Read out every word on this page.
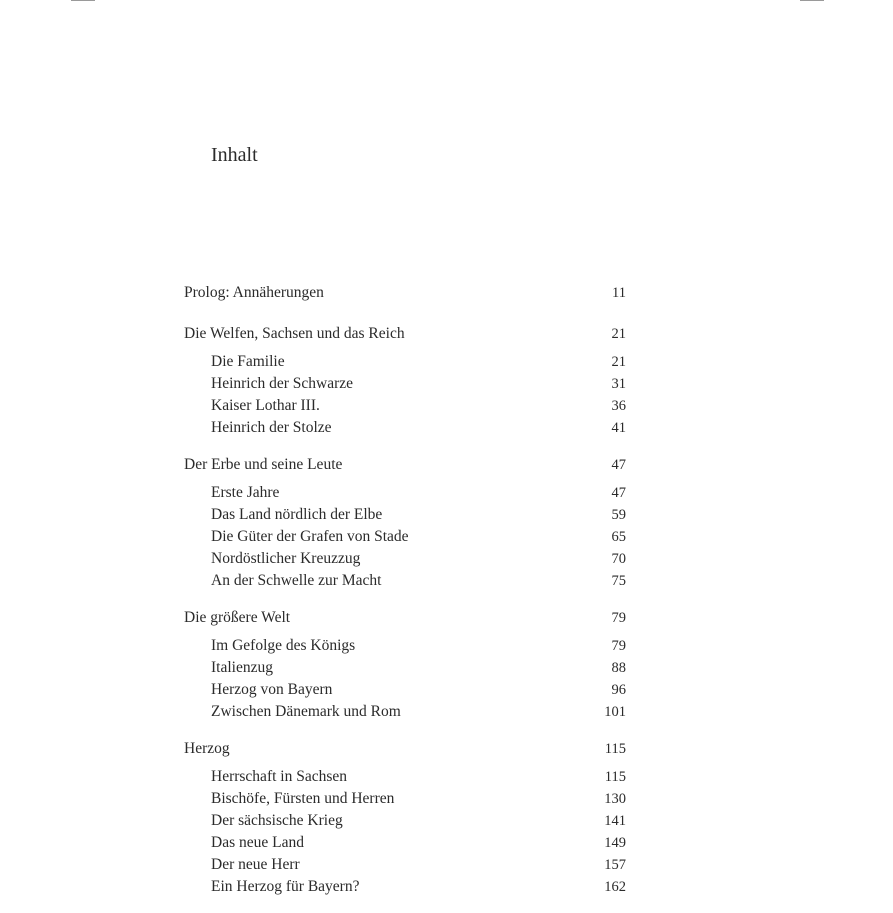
Inhalt
Prolog: Annäherungen	11
Die Welfen, Sachsen und das Reich	21
Die Familie	21
Heinrich der Schwarze	31
Kaiser Lothar III.	36
Heinrich der Stolze	41
Der Erbe und seine Leute	47
Erste Jahre	47
Das Land nördlich der Elbe	59
Die Güter der Grafen von Stade	65
Nordöstlicher Kreuzzug	70
An der Schwelle zur Macht	75
Die größere Welt	79
Im Gefolge des Königs	79
Italienzug	88
Herzog von Bayern	96
Zwischen Dänemark und Rom	101
Herzog	115
Herrschaft in Sachsen	115
Bischöfe, Fürsten und Herren	130
Der sächsische Krieg	141
Das neue Land	149
Der neue Herr	157
Ein Herzog für Bayern?	162
